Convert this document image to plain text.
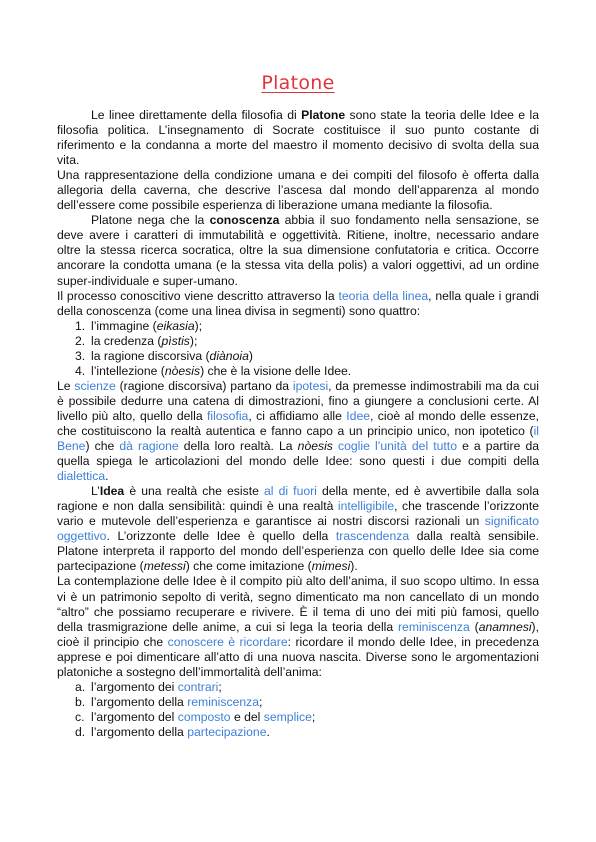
Platone

Le linee direttamente della filosofia di Platone sono state la teoria delle Idee e la filosofia politica. L’insegnamento di Socrate costituisce il suo punto costante di riferimento e la condanna a morte del maestro il momento decisivo di svolta della sua vita.

Una rappresentazione della condizione umana e dei compiti del filosofo è offerta dalla allegoria della caverna, che descrive l’ascesa dal mondo dell’apparenza al mondo dell’essere come possibile esperienza di liberazione umana mediante la filosofia.

Platone nega che la conoscenza abbia il suo fondamento nella sensazione, se deve avere i caratteri di immutabilità e oggettività. Ritiene, inoltre, necessario andare oltre la stessa ricerca socratica, oltre la sua dimensione confutatoria e critica. Occorre ancorare la condotta umana (e la stessa vita della polis) a valori oggettivi, ad un ordine super-individuale e super-umano.

Il processo conoscitivo viene descritto attraverso la teoria della linea, nella quale i grandi della conoscenza (come una linea divisa in segmenti) sono quattro:

1. l’immagine (eikasia);
2. la credenza (pìstis);
3. la ragione discorsiva (diànoia)
4. l’intellezione (nòesis) che è la visione delle Idee.

Le scienze (ragione discorsiva) partano da ipotesi, da premesse indimostrabili ma da cui è possibile dedurre una catena di dimostrazioni, fino a giungere a conclusioni certe. Al livello più alto, quello della filosofia, ci affidiamo alle Idee, cioè al mondo delle essenze, che costituiscono la realtà autentica e fanno capo a un principio unico, non ipotetico (il Bene) che dà ragione della loro realtà. La nòesis coglie l’unità del tutto e a partire da quella spiega le articolazioni del mondo delle Idee: sono questi i due compiti della dialettica.

L’Idea è una realtà che esiste al di fuori della mente, ed è avvertibile dalla sola ragione e non dalla sensibilità: quindi è una realtà intelligibile, che trascende l’orizzonte vario e mutevole dell’esperienza e garantisce ai nostri discorsi razionali un significato oggettivo. L’orizzonte delle Idee è quello della trascendenza dalla realtà sensibile. Platone interpreta il rapporto del mondo dell’esperienza con quello delle Idee sia come partecipazione (metessi) che come imitazione (mimesi).

La contemplazione delle Idee è il compito più alto dell’anima, il suo scopo ultimo. In essa vi è un patrimonio sepolto di verità, segno dimenticato ma non cancellato di un mondo “altro” che possiamo recuperare e rivivere. È il tema di uno dei miti più famosi, quello della trasmigrazione delle anime, a cui si lega la teoria della reminiscenza (anamnesi), cioè il principio che conoscere è ricordare: ricordare il mondo delle Idee, in precedenza apprese e poi dimenticare all’atto di una nuova nascita. Diverse sono le argomentazioni platoniche a sostegno dell’immortalità dell’anima:

a. l’argomento dei contrari;
b. l’argomento della reminiscenza;
c. l’argomento del composto e del semplice;
d. l’argomento della partecipazione.
